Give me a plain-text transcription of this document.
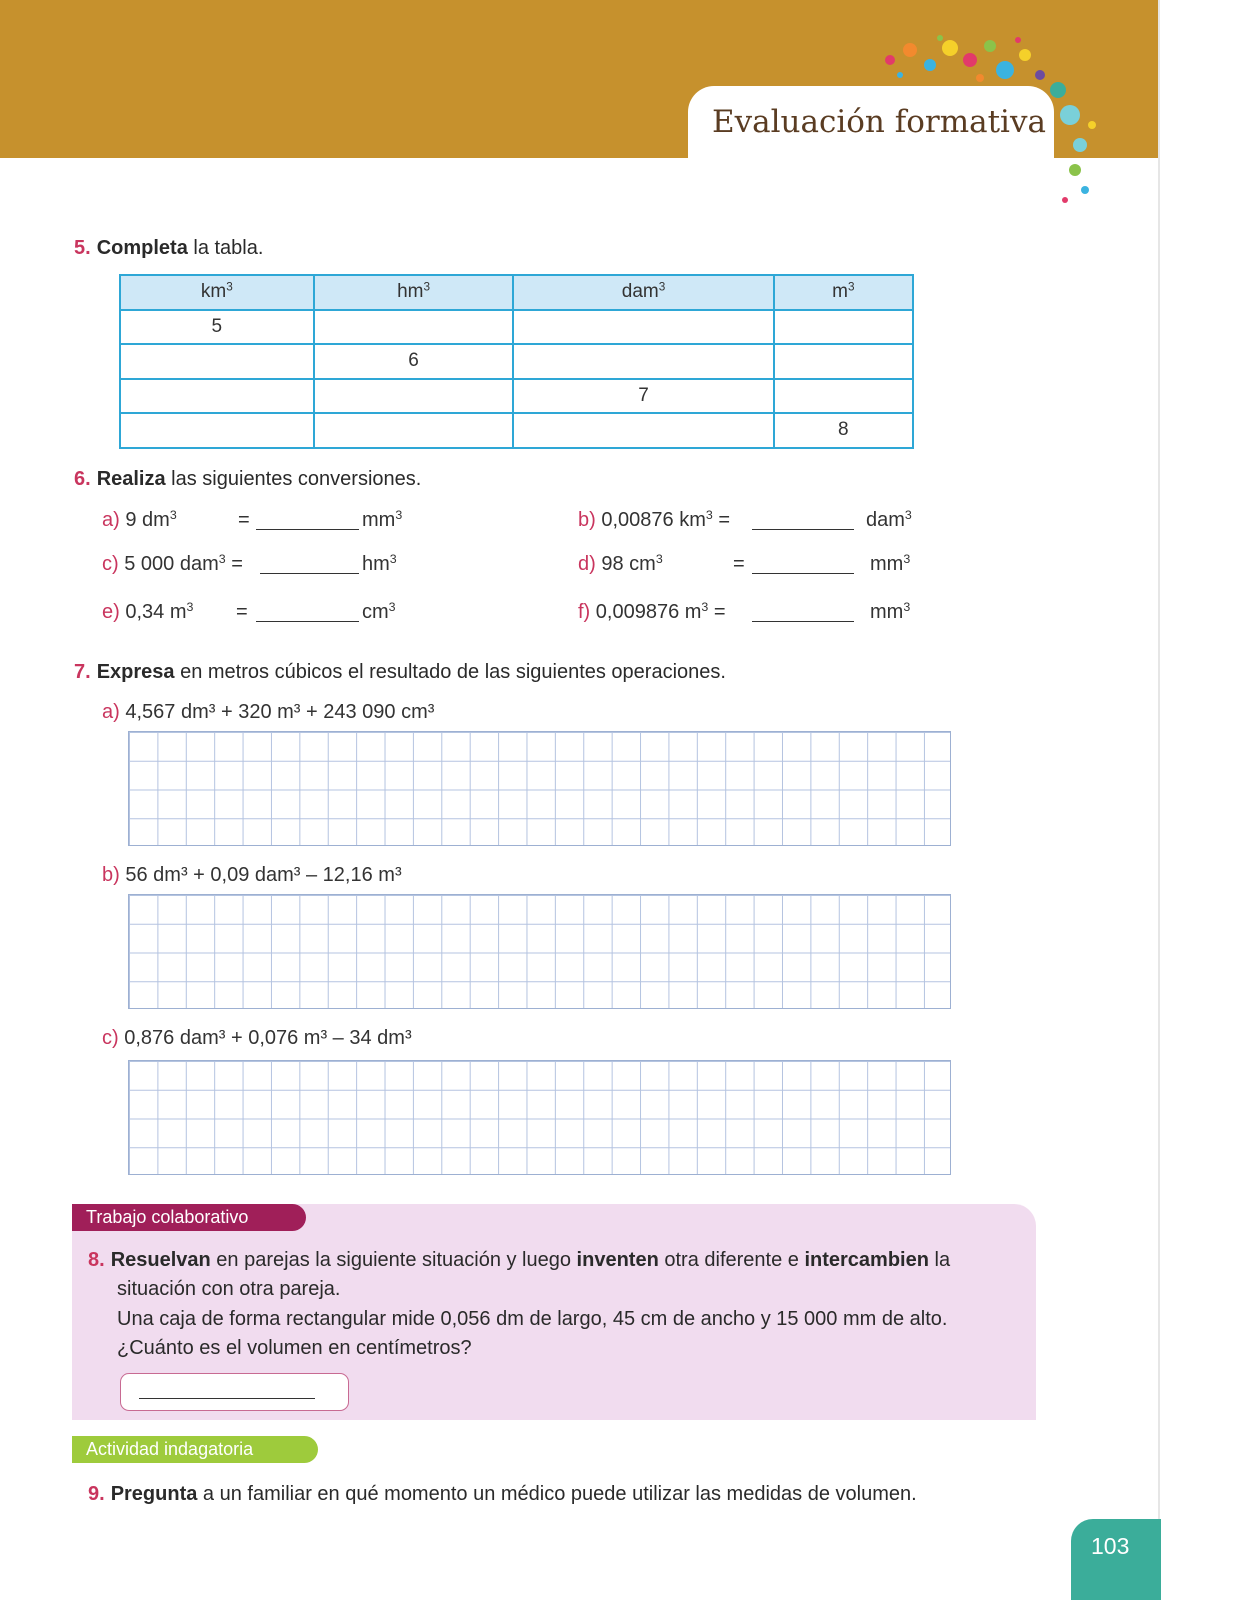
Evaluación formativa
5. Completa la tabla.
$km^3$	$hm^3$	dam$^3$	$m^3$
5			
	6		
		7	
			8
6. Realiza las siguientes conversiones.
a) 9 $dm^3$	=	$mm^3$	b) 0,00876 $km^3$ =	dam$^3$
c) 5 000 dam$^3$ =	$hm^3$	d) 98 $cm^3$	=	$mm^3$
e) 0,34 $m^3$ =	$cm^3$	f) 0,009876 $m^3$ =	$mm^3$
7. Expresa en metros cúbicos el resultado de las siguientes operaciones.
a) 4,567 dm³ + 320 m³ + 243 090 cm³
b) 56 dm³ + 0,09 dam³ – 12,16 m³
c) 0,876 dam³ + 0,076 m³ – 34 dm³
Trabajo colaborativo
8. Resuelvan en parejas la siguiente situación y luego inventen otra diferente e intercambien la
situación con otra pareja.
Una caja de forma rectangular mide 0,056 dm de largo, 45 cm de ancho y 15 000 mm de alto.
¿Cuánto es el volumen en centímetros?
Actividad indagatoria
9. Pregunta a un familiar en qué momento un médico puede utilizar las medidas de volumen.
103
